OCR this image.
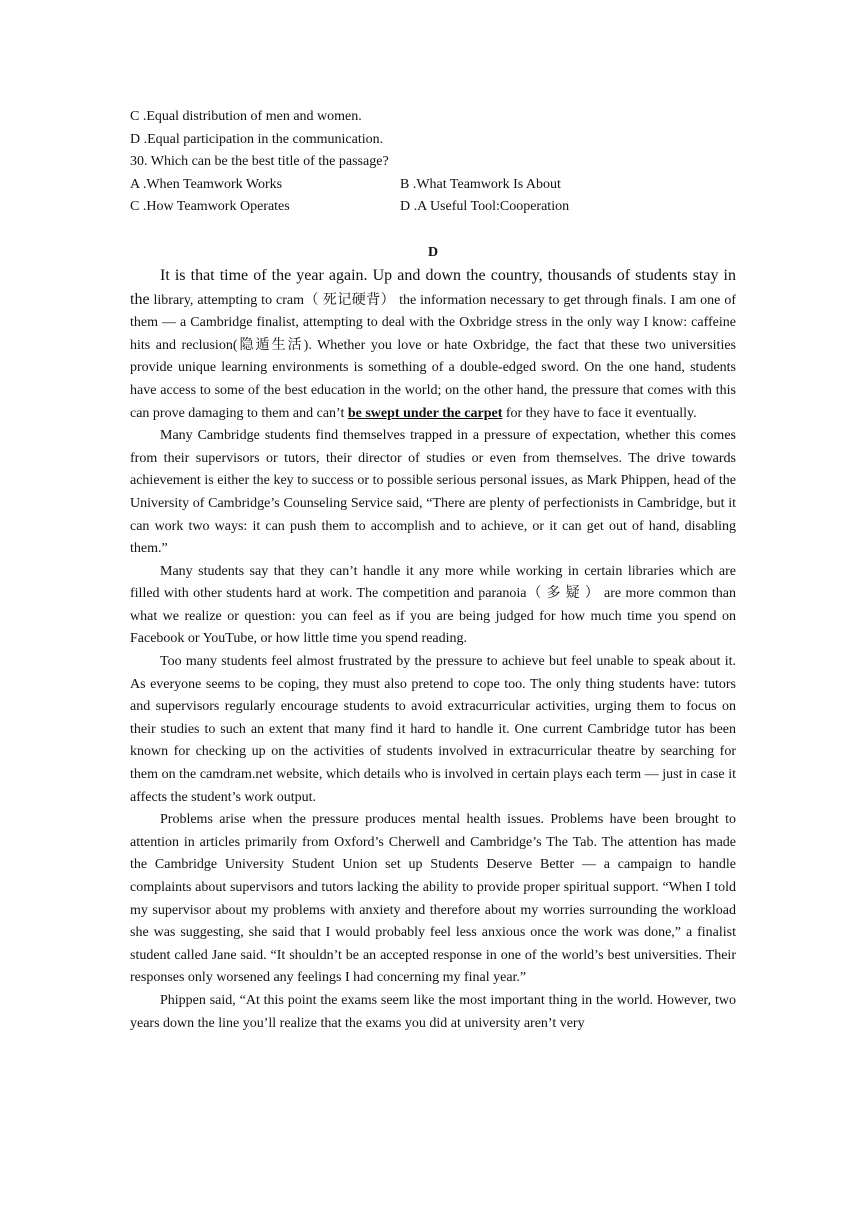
C .Equal distribution of men and women.
D .Equal participation in the communication.
30. Which can be the best title of the passage?
A .When Teamwork Works	B .What Teamwork Is About
C .How Teamwork Operates	D .A Useful Tool:Cooperation
D

It is that time of the year again. Up and down the country, thousands of students stay in the library, attempting to cram（ 死记硬背） the information necessary to get through finals. I am one of them — a Cambridge finalist, attempting to deal with the Oxbridge stress in the only way I know: caffeine hits and reclusion(隐遁生活). Whether you love or hate Oxbridge, the fact that these two universities provide unique learning environments is something of a double-edged sword. On the one hand, students have access to some of the best education in the world; on the other hand, the pressure that comes with this can prove damaging to them and can’t be swept under the carpet for they have to face it eventually.

Many Cambridge students find themselves trapped in a pressure of expectation, whether this comes from their supervisors or tutors, their director of studies or even from themselves. The drive towards achievement is either the key to success or to possible serious personal issues, as Mark Phippen, head of the University of Cambridge’s Counseling Service said, “There are plenty of perfectionists in Cambridge, but it can work two ways: it can push them to accomplish and to achieve, or it can get out of hand, disabling them.”

Many students say that they can’t handle it any more while working in certain libraries which are filled with other students hard at work. The competition and paranoia（ 多 疑 ） are more common than what we realize or question: you can feel as if you are being judged for how much time you spend on Facebook or YouTube, or how little time you spend reading.

Too many students feel almost frustrated by the pressure to achieve but feel unable to speak about it. As everyone seems to be coping, they must also pretend to cope too. The only thing students have: tutors and supervisors regularly encourage students to avoid extracurricular activities, urging them to focus on their studies to such an extent that many find it hard to handle it. One current Cambridge tutor has been known for checking up on the activities of students involved in extracurricular theatre by searching for them on the camdram.net website, which details who is involved in certain plays each term — just in case it affects the student’s work output.

Problems arise when the pressure produces mental health issues. Problems have been brought to attention in articles primarily from Oxford’s Cherwell and Cambridge’s The Tab. The attention has made the Cambridge University Student Union set up Students Deserve Better — a campaign to handle complaints about supervisors and tutors lacking the ability to provide proper spiritual support. “When I told my supervisor about my problems with anxiety and therefore about my worries surrounding the workload she was suggesting, she said that I would probably feel less anxious once the work was done,” a finalist student called Jane said. “It shouldn’t be an accepted response in one of the world’s best universities. Their responses only worsened any feelings I had concerning my final year.”

Phippen said, “At this point the exams seem like the most important thing in the world. However, two years down the line you’ll realize that the exams you did at university aren’t very
